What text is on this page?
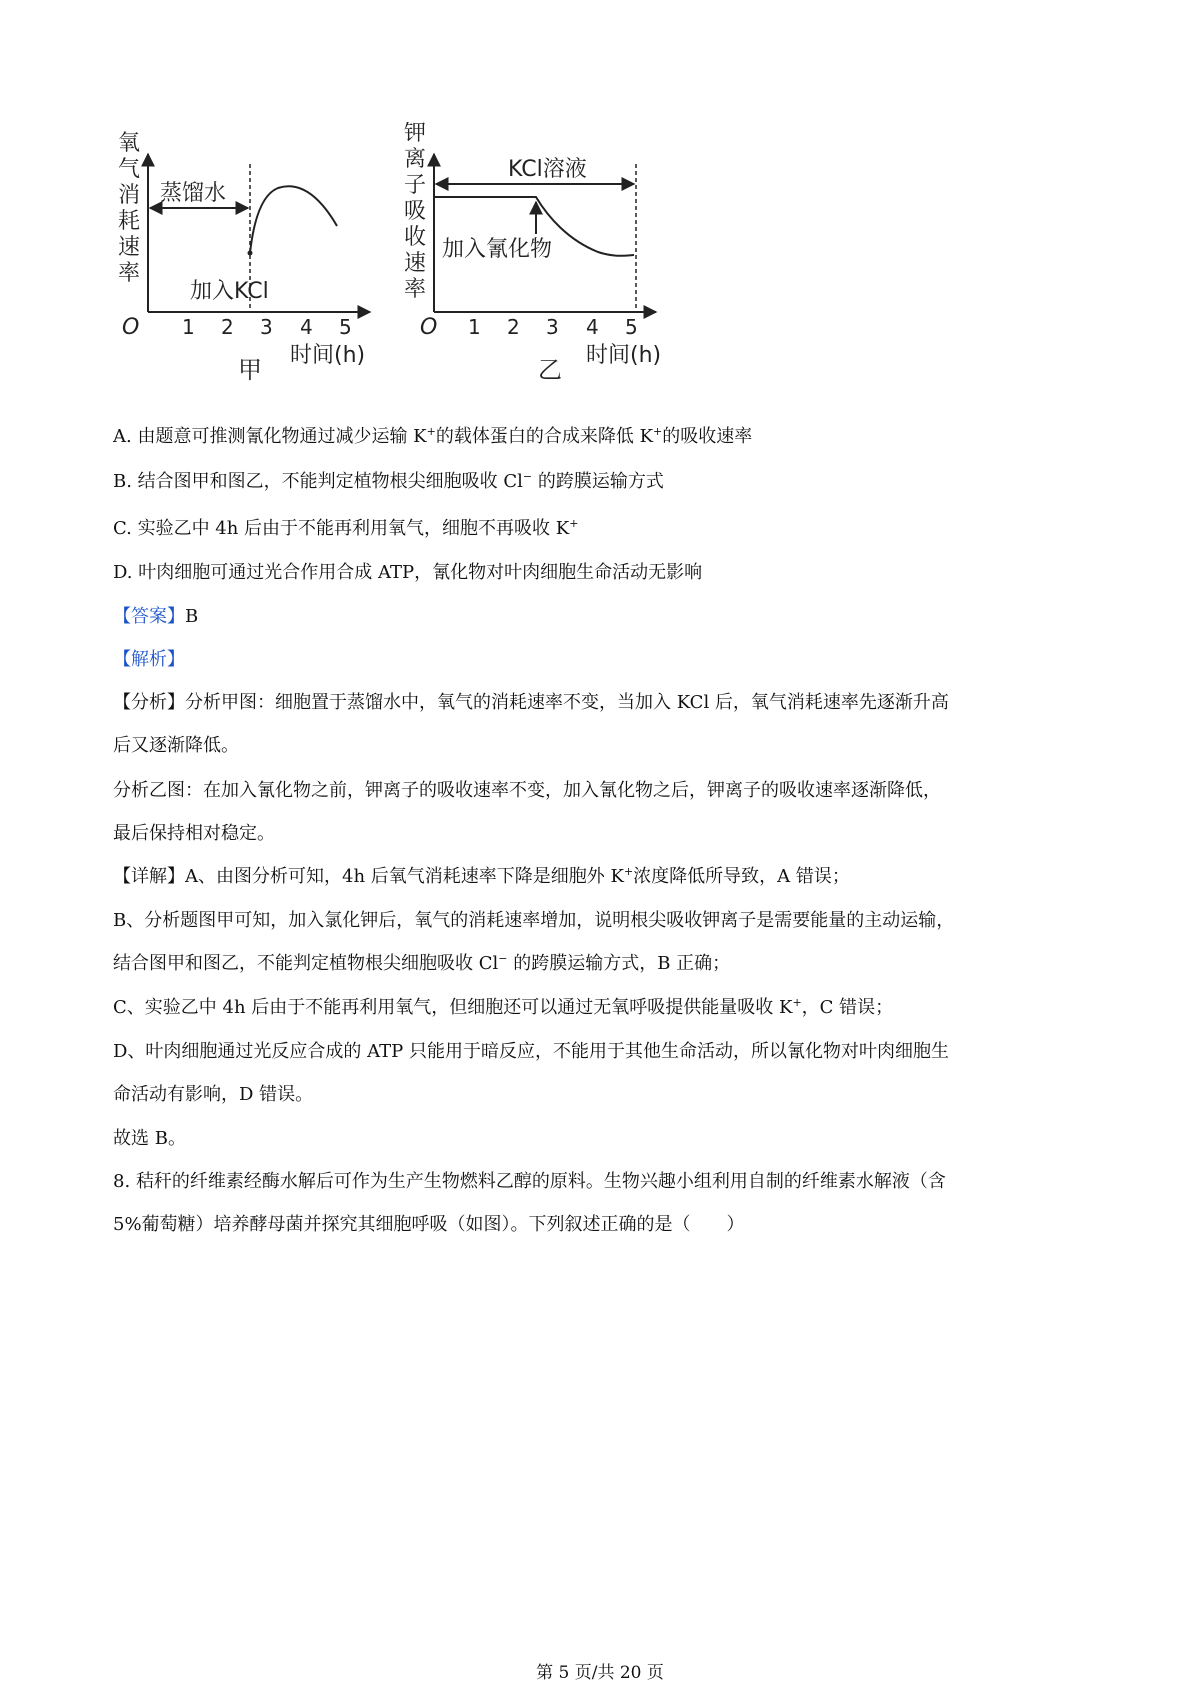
氧
气
消
耗
速
率
O 1 2 3 4 5
蒸馏水
加入KCl
时间(h)
甲
钾
离
子
吸
收
速
率
O 1 2 3 4 5
KCl溶液
加入氰化物
时间(h)
乙
A. 由题意可推测氰化物通过减少运输 K+的载体蛋白的合成来降低 K+的吸收速率
B. 结合图甲和图乙，不能判定植物根尖细胞吸收 Cl− 的跨膜运输方式
C. 实验乙中 4h 后由于不能再利用氧气，细胞不再吸收 K+
D. 叶肉细胞可通过光合作用合成 ATP，氰化物对叶肉细胞生命活动无影响
【答案】B
【解析】
【分析】分析甲图：细胞置于蒸馏水中，氧气的消耗速率不变，当加入 KCl 后，氧气消耗速率先逐渐升高
后又逐渐降低。
分析乙图：在加入氰化物之前，钾离子的吸收速率不变，加入氰化物之后，钾离子的吸收速率逐渐降低，
最后保持相对稳定。
【详解】A、由图分析可知，4h 后氧气消耗速率下降是细胞外 K+浓度降低所导致，A 错误；
B、分析题图甲可知，加入氯化钾后，氧气的消耗速率增加，说明根尖吸收钾离子是需要能量的主动运输，
结合图甲和图乙，不能判定植物根尖细胞吸收 Cl− 的跨膜运输方式，B 正确；
C、实验乙中 4h 后由于不能再利用氧气，但细胞还可以通过无氧呼吸提供能量吸收 K+，C 错误；
D、叶肉细胞通过光反应合成的 ATP 只能用于暗反应，不能用于其他生命活动，所以氰化物对叶肉细胞生
命活动有影响，D 错误。
故选 B。
8. 秸秆的纤维素经酶水解后可作为生产生物燃料乙醇的原料。生物兴趣小组利用自制的纤维素水解液（含
5%葡萄糖）培养酵母菌并探究其细胞呼吸（如图）。下列叙述正确的是（　　）
第 5 页/共 20 页
